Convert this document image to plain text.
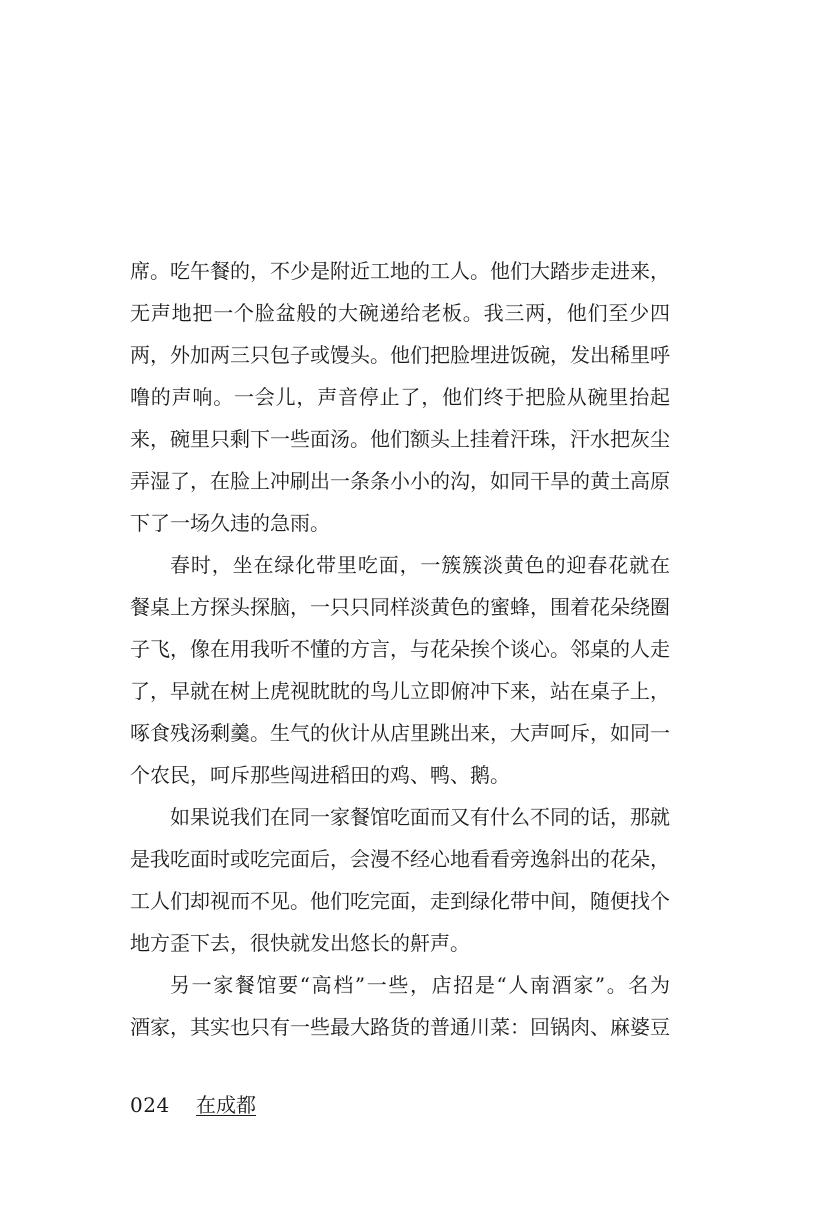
席。吃午餐的，不少是附近工地的工人。他们大踏步走进来，
无声地把一个脸盆般的大碗递给老板。我三两，他们至少四
两，外加两三只包子或馒头。他们把脸埋进饭碗，发出稀里呼
噜的声响。一会儿，声音停止了，他们终于把脸从碗里抬起
来，碗里只剩下一些面汤。他们额头上挂着汗珠，汗水把灰尘
弄湿了，在脸上冲刷出一条条小小的沟，如同干旱的黄土高原
下了一场久违的急雨。
春时，坐在绿化带里吃面，一簇簇淡黄色的迎春花就在
餐桌上方探头探脑，一只只同样淡黄色的蜜蜂，围着花朵绕圈
子飞，像在用我听不懂的方言，与花朵挨个谈心。邻桌的人走
了，早就在树上虎视眈眈的鸟儿立即俯冲下来，站在桌子上，
啄食残汤剩羹。生气的伙计从店里跳出来，大声呵斥，如同一
个农民，呵斥那些闯进稻田的鸡、鸭、鹅。
如果说我们在同一家餐馆吃面而又有什么不同的话，那就
是我吃面时或吃完面后，会漫不经心地看看旁逸斜出的花朵，
工人们却视而不见。他们吃完面，走到绿化带中间，随便找个
地方歪下去，很快就发出悠长的鼾声。
另一家餐馆要“高档”一些，店招是“人南酒家”。名为
酒家，其实也只有一些最大路货的普通川菜：回锅肉、麻婆豆
024 在成都
